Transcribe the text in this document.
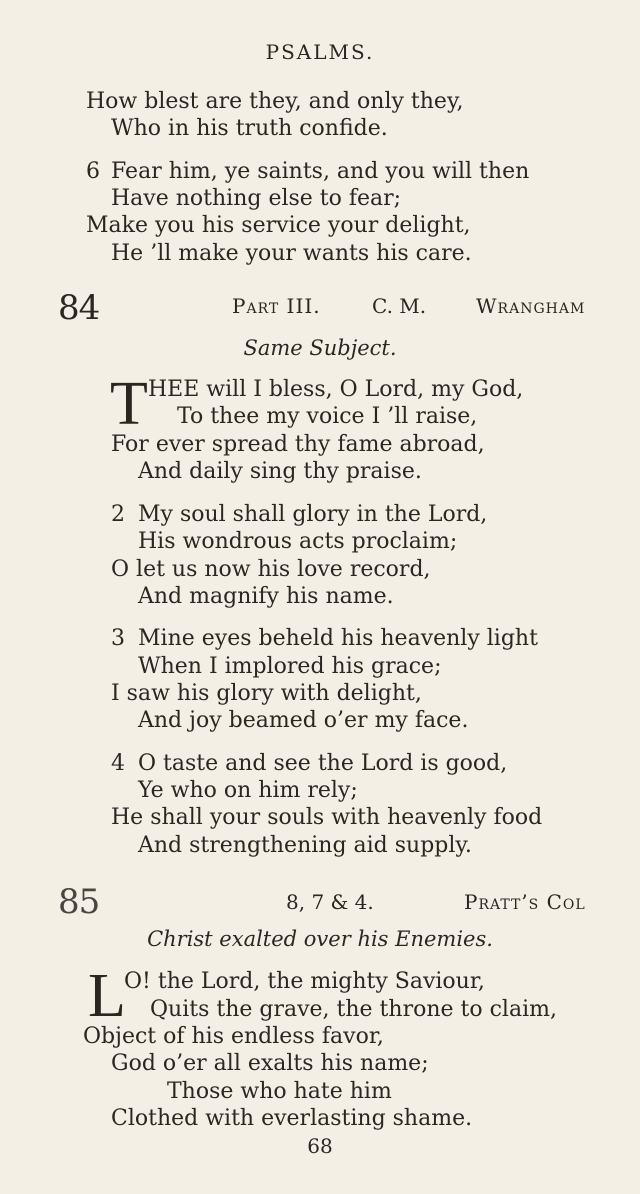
PSALMS.
How blest are they, and only they,
Who in his truth confide.
6 Fear him, ye saints, and you will then
Have nothing else to fear;
Make you his service your delight,
He ’ll make your wants his care.
84	Part III.	C. M. Wrangham
Same Subject.
T HEE will I bless, O Lord, my God,
To thee my voice I ’ll raise,
For ever spread thy fame abroad,
And daily sing thy praise.
2 My soul shall glory in the Lord,
His wondrous acts proclaim;
O let us now his love record,
And magnify his name.
3 Mine eyes beheld his heavenly light
When I implored his grace;
I saw his glory with delight,
And joy beamed o’er my face.
4 O taste and see the Lord is good,
Ye who on him rely;
He shall your souls with heavenly food
And strengthening aid supply.
85	8, 7 & 4.	Pratt’s Col
Christ exalted over his Enemies.
L
O! the Lord, the mighty Saviour,
Quits the grave, the throne to claim,
Object of his endless favor,
God o’er all exalts his name;
Those who hate him
Clothed with everlasting shame.
68
